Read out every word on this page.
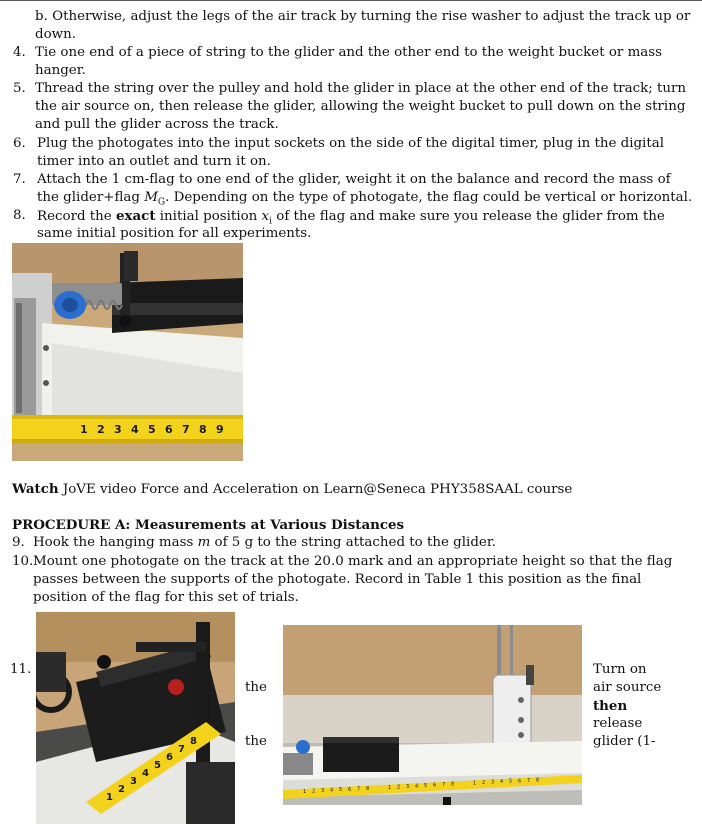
b. Otherwise, adjust the legs of the air track by turning the rise washer to adjust the track up or
down.
4. Tie one end of a piece of string to the glider and the other end to the weight bucket or mass
hanger.
5. Thread the string over the pulley and hold the glider in place at the other end of the track; turn
the air source on, then release the glider, allowing the weight bucket to pull down on the string
and pull the glider across the track.
6. Plug the photogates into the input sockets on the side of the digital timer, plug in the digital
timer into an outlet and turn it on.
7. Attach the 1 cm-flag to one end of the glider, weight it on the balance and record the mass of
the glider+flag $M_G$. Depending on the type of photogate, the flag could be vertical or horizontal.
8. Record the exact initial position $x_i$ of the flag and make sure you release the glider from the
same initial position for all experiments.
1 2 3 4 5 6 7 8 9
Watch JoVE video Force and Acceleration on Learn@Seneca PHY358SAAL course
PROCEDURE A: Measurements at Various Distances
9. Hook the hanging mass m of 5 g to the string attached to the glider.
10. Mount one photogate on the track at the 20.0 mark and an appropriate height so that the flag
passes between the supports of the photogate. Record in Table 1 this position as the final
position of the flag for this set of trials.
11.
1
2
3
4
5
6
7
8
the
the
1 2 3 4 5 6 7 8	1 2 3 4 5 6 7 8	1 2 3 4 5 6 7 8
Turn on
air source
then
release
glider (1-
